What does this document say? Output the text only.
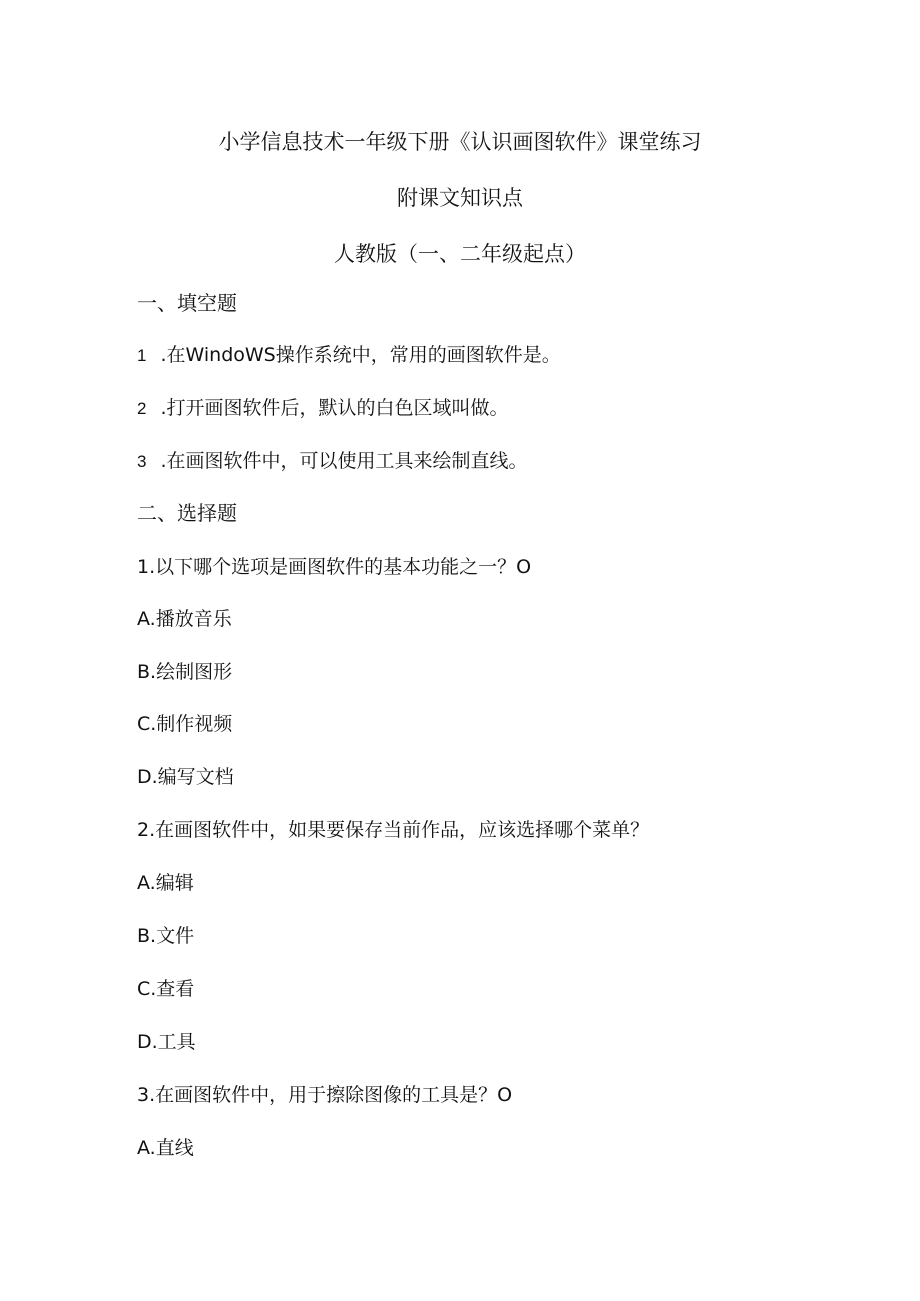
小学信息技术一年级下册《认识画图软件》课堂练习
附课文知识点
人教版（一、二年级起点）
一、填空题
1 .在WindoWS操作系统中，常用的画图软件是。
2 .打开画图软件后，默认的白色区域叫做。
3 .在画图软件中，可以使用工具来绘制直线。
二、选择题
1.以下哪个选项是画图软件的基本功能之一？O
A.播放音乐
B.绘制图形
C.制作视频
D.编写文档
2.在画图软件中，如果要保存当前作品，应该选择哪个菜单？
A.编辑
B.文件
C.查看
D.工具
3.在画图软件中，用于擦除图像的工具是？O
A.直线
